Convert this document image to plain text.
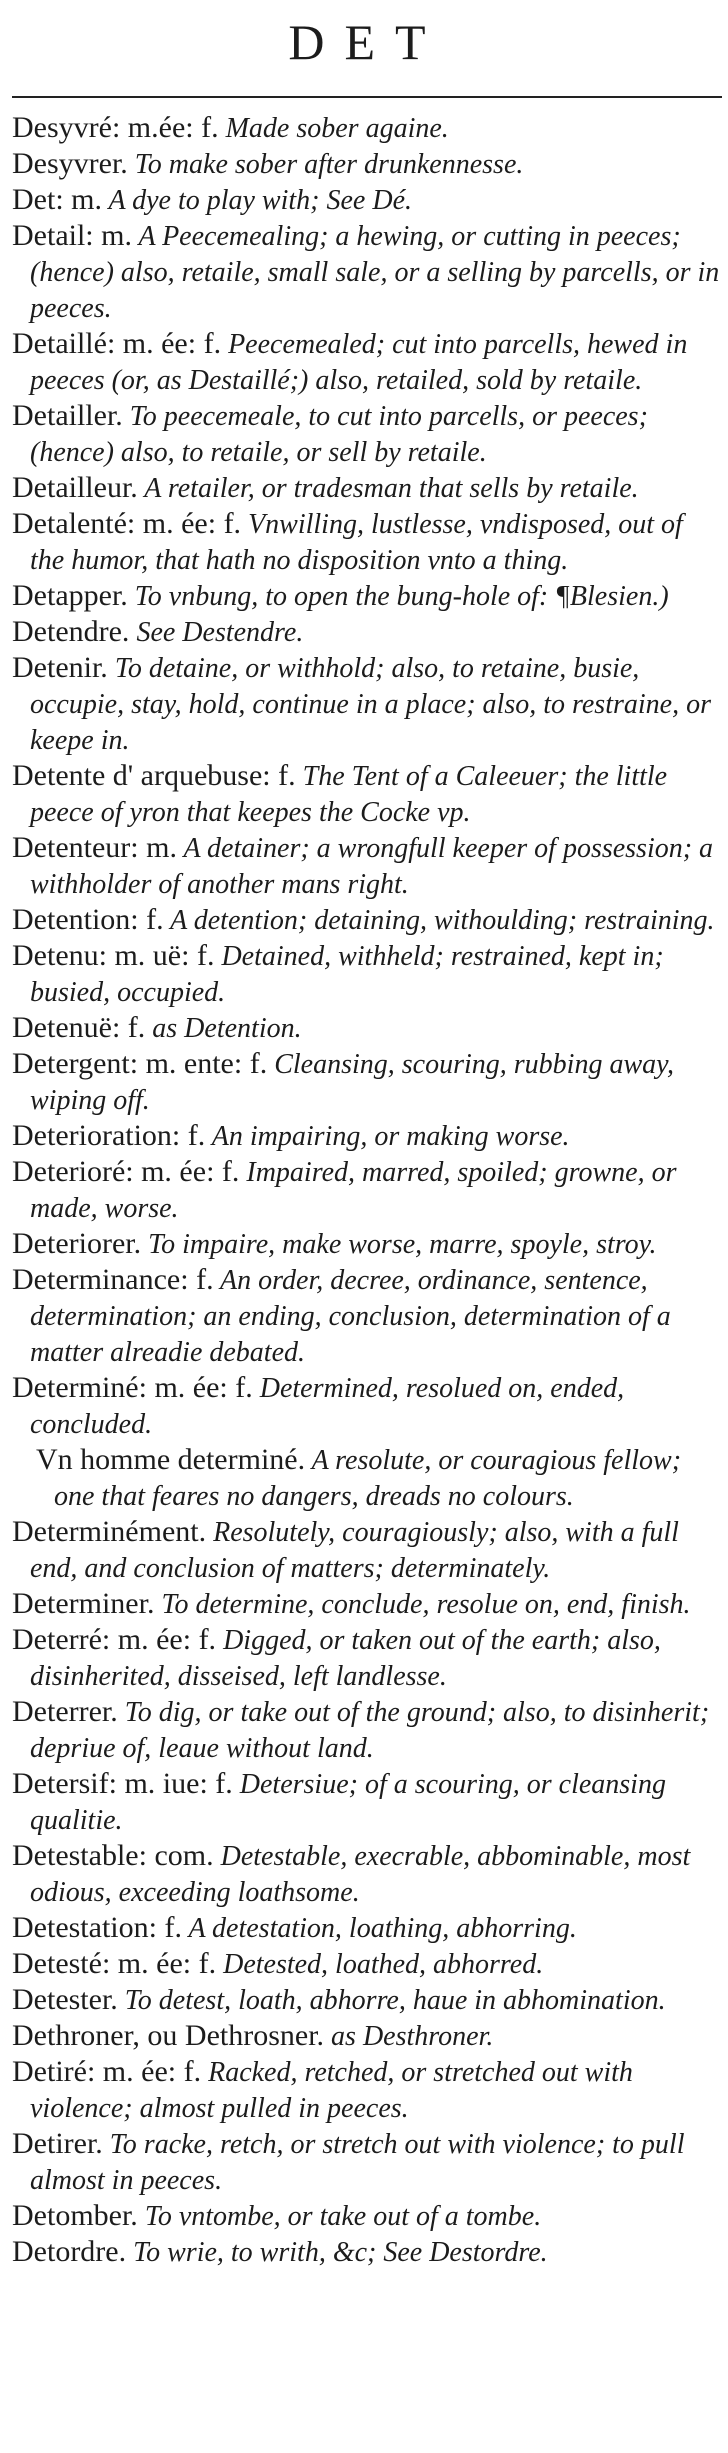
DET

Desyvré: m.ée: f. Made sober againe.

Desyvrer. To make sober after drunkennesse.

Det: m. A dye to play with; See Dé.

Detail: m. A Peecemealing; a hewing, or cutting in peeces; (hence) also, retaile, small sale, or a selling by parcells, or in peeces.

Detaillé: m. ée: f. Peecemealed; cut into parcells, hewed in peeces (or, as Destaillé;) also, retailed, sold by retaile.

Detailler. To peecemeale, to cut into parcells, or peeces; (hence) also, to retaile, or sell by retaile.

Detailleur. A retailer, or tradesman that sells by retaile.

Detalenté: m. ée: f. Vnwilling, lustlesse, vndisposed, out of the humor, that hath no disposition vnto a thing.

Detapper. To vnbung, to open the bung-hole of: ¶Blesien.)

Detendre. See Destendre.

Detenir. To detaine, or withhold; also, to retaine, busie, occupie, stay, hold, continue in a place; also, to restraine, or keepe in.

Detente d' arquebuse: f. The Tent of a Caleeuer; the little peece of yron that keepes the Cocke vp.

Detenteur: m. A detainer; a wrongfull keeper of possession; a withholder of another mans right.

Detention: f. A detention; detaining, withoulding; restraining.

Detenu: m. uë: f. Detained, withheld; restrained, kept in; busied, occupied.

Detenuë: f. as Detention.

Detergent: m. ente: f. Cleansing, scouring, rubbing away, wiping off.

Deterioration: f. An impairing, or making worse.

Deterioré: m. ée: f. Impaired, marred, spoiled; growne, or made, worse.

Deteriorer. To impaire, make worse, marre, spoyle, stroy.

Determinance: f. An order, decree, ordinance, sentence, determination; an ending, conclusion, determination of a matter alreadie debated.

Determiné: m. ée: f. Determined, resolued on, ended, concluded.

Vn homme determiné. A resolute, or couragious fellow; one that feares no dangers, dreads no colours.

Determinément. Resolutely, couragiously; also, with a full end, and conclusion of matters; determinately.

Determiner. To determine, conclude, resolue on, end, finish.

Deterré: m. ée: f. Digged, or taken out of the earth; also, disinherited, disseised, left landlesse.

Deterrer. To dig, or take out of the ground; also, to disinherit; depriue of, leaue without land.

Detersif: m. iue: f. Detersiue; of a scouring, or cleansing qualitie.

Detestable: com. Detestable, execrable, abbominable, most odious, exceeding loathsome.

Detestation: f. A detestation, loathing, abhorring.

Detesté: m. ée: f. Detested, loathed, abhorred.

Detester. To detest, loath, abhorre, haue in abhomination.

Dethroner, ou Dethrosner. as Desthroner.

Detiré: m. ée: f. Racked, retched, or stretched out with violence; almost pulled in peeces.

Detirer. To racke, retch, or stretch out with violence; to pull almost in peeces.

Detomber. To vntombe, or take out of a tombe.

Detordre. To wrie, to writh, &c; See Destordre.
